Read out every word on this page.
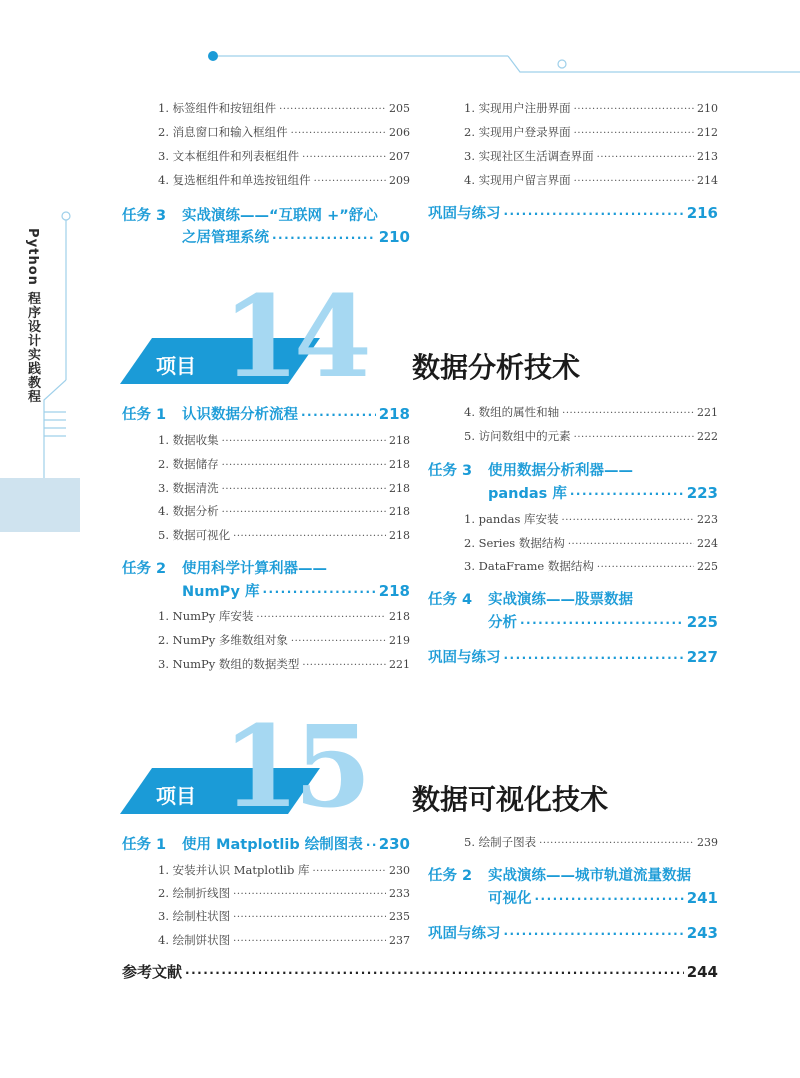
Python 程序设计实践教程
1. 标签组件和按钮组件 ·····	205
2. 消息窗口和输入框组件 ·····	206
3. 文本框组件和列表框组件 ·····	207
4. 复选框组件和单选按钮组件 ·····	209
任务 3 实战演练——“互联网 +”舒心
之居管理系统 ·····	210
1. 实现用户注册界面 ·····	210
2. 实现用户登录界面 ·····	212
3. 实现社区生活调查界面 ·····	213
4. 实现用户留言界面 ·····	214
巩固与练习 ·····	216
14
项目	数据分析技术
任务 1 认识数据分析流程 ·····	218
1. 数据收集 ·····	218
2. 数据储存 ·····	218
3. 数据清洗 ·····	218
4. 数据分析 ·····	218
5. 数据可视化 ·····	218
任务 2 使用科学计算利器——
NumPy 库 ·····	218
1. NumPy 库安装 ·····	218
2. NumPy 多维数组对象 ·····	219
3. NumPy 数组的数据类型 ·····	221
4. 数组的属性和轴 ·····	221
5. 访问数组中的元素 ·····	222
任务 3 使用数据分析利器——
pandas 库 ·····	223
1. pandas 库安装 ·····	223
2. Series 数据结构 ·····	224
3. DataFrame 数据结构 ·····	225
任务 4 实战演练——股票数据
分析 ·····	225
巩固与练习 ·····	227
15
项目	数据可视化技术
任务 1 使用 Matplotlib 绘制图表 ····· 230
1. 安装并认识 Matplotlib 库 ·····	230
2. 绘制折线图 ·····	233
3. 绘制柱状图 ·····	235
4. 绘制饼状图 ·····	237
5. 绘制子图表 ·····	239
任务 2 实战演练——城市轨道流量数据
可视化 ·····	241
巩固与练习 ·····	243
参考文献 ·····	244
